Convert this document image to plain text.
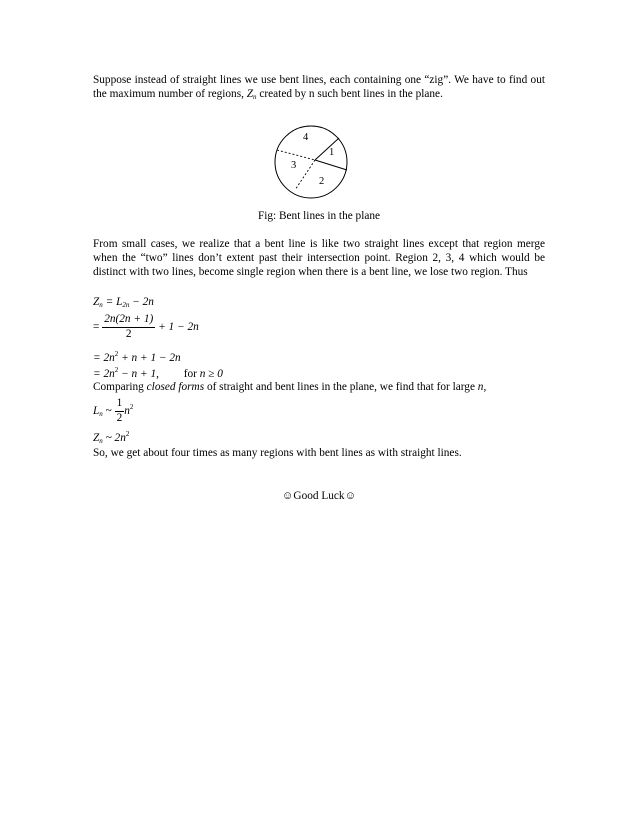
Suppose instead of straight lines we use bent lines, each containing one “zig”. We have to find out the maximum number of regions, $Z_n$ created by n such bent lines in the plane.

4
1
3
2
Fig: Bent lines in the plane

From small cases, we realize that a bent line is like two straight lines except that region merge when the “two” lines don’t extent past their intersection point. Region 2, 3, 4 which would be distinct with two lines, become single region when there is a bent line, we lose two region. Thus

$Z_n = L_{2n} - 2n$
= $\frac{2n(2n + 1)}{2} + 1 - 2n$
= $2n^2 + n + 1 - 2n$
= $2n^2 - n + 1$, for n ≥ 0
Comparing closed forms of straight and bent lines in the plane, we find that for large n,
$L_n$ ~ $\frac{1}{2} n^2$
$Z_n$ ~ $2n^2$
So, we get about four times as many regions with bent lines as with straight lines.
☺Good Luck☺
